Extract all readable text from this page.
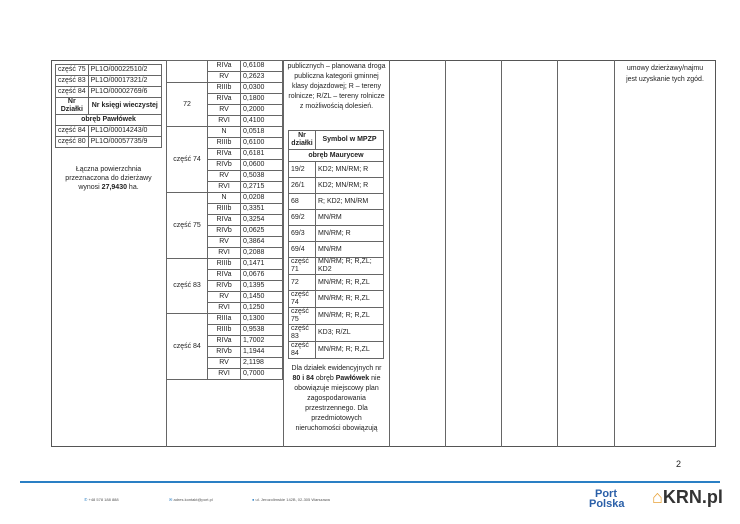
część 75	PL1O/00022510/2
część 83	PL1O/00017321/2
część 84	PL1O/00002769/6
Nr Działki	Nr księgi wieczystej
obręb Pawłówek	
część 84	PL1O/00014243/0
część 80	PL1O/00057735/9
Łączna powierzchnia
przeznaczona do dzierżawy
wynosi 27,9430 ha.
	RIVa	0,6108
	RV	0,2623
72	RIIIb	0,0300
	RIVa	0,1800
	RV	0,2000
	RVI	0,4100
część 74	N	0,0518
	RIIIb	0,6100
	RIVa	0,6181
	RIVb	0,0600
	RV	0,5038
	RVI	0,2715
część 75	N	0,0208
	RIIIb	0,3351
	RIVa	0,3254
	RIVb	0,0625
	RV	0,3864
	RVI	0,2088
część 83	RIIIb	0,1471
	RIVa	0,0676
	RIVb	0,1395
	RV	0,1450
	RVI	0,1250
część 84	RIIIa	0,1300
	RIIIb	0,9538
	RIVa	1,7002
	RIVb	1,1944
	RV	2,1198
	RVI	0,7000
publicznych – planowana droga
publiczna kategorii gminnej
klasy dojazdowej; R – tereny
rolnicze; R/ZL – tereny rolnicze
z możliwością dolesień.
Nr działki	Symbol w MPZP
obręb Maurycew	
19/2	KD2; MN/RM; R
26/1	KD2; MN/RM; R
68	R; KD2; MN/RM
69/2	MN/RM
69/3	MN/RM; R
69/4	MN/RM
część 71	MN/RM; R; R,ZL; KD2
72	MN/RM; R; R,ZL
część 74	MN/RM; R; R,ZL
część 75	MN/RM; R; R,ZL
część 83	KD3; R/ZL
część 84	MN/RM; R; R,ZL
Dla działek ewidencyjnych nr
80 i 84 obręb Pawłówek nie
obowiązuje miejscowy plan
zagospodarowania
przestrzennego. Dla
przedmiotowych
nieruchomości obowiązują
umowy dzierżawy/najmu
jest uzyskanie tych zgód.
2
✆ +48 578 188 888	✉ adres.kontakt@port.pl	● ul. Jerozolimskie 142B, 02-305 Warszawa	Port
Polska ⌂KRN.pl
